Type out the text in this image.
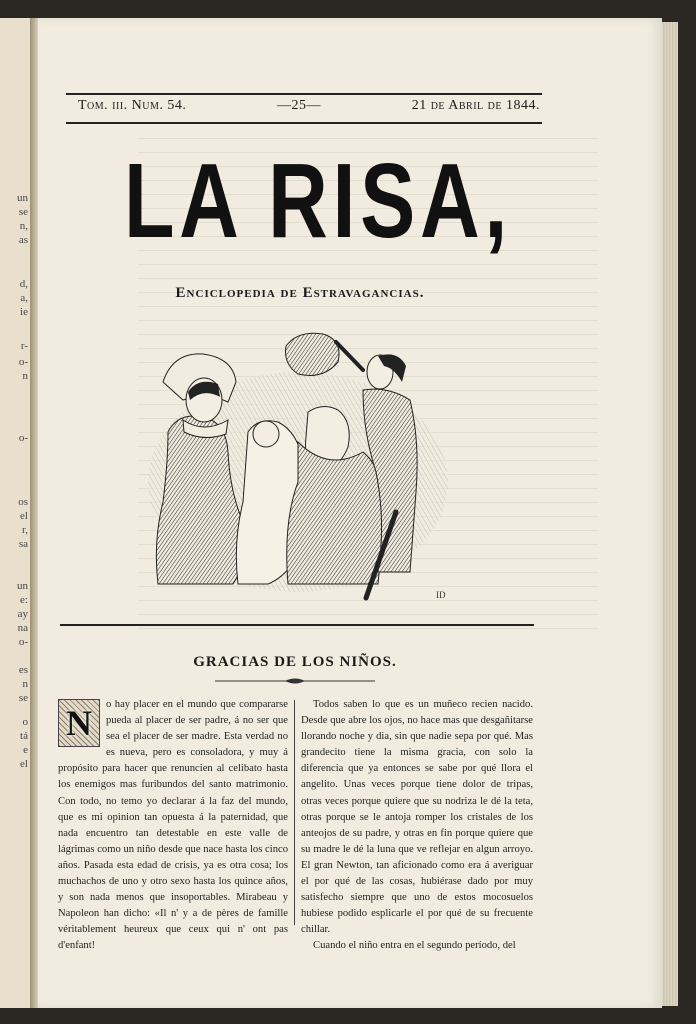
un
se
n,
as
d,
a,
ie
r-
o-
n
o-
os
el
r,
sa
un
e:
ay
na
o-
es
n
se
o
tá
e
el
Tom. iii. Num. 54.	—25—	21 de Abril de 1844.
LA RISA,
Enciclopedia de Estravagancias.
ID
GRACIAS DE LOS NIÑOS.

N	o hay placer en el mundo que compararse pueda al placer de ser padre, á no ser que sea el placer de ser madre. Esta verdad no es nueva, pero es consoladora, y muy á propósito para hacer que renuncien al celibato hasta los enemigos mas furibundos del santo matrimonio. Con todo, no temo yo declarar á la faz del mundo, que es mi opinion tan opuesta á la paternidad, que nada encuentro tan detestable en este valle de lágrimas como un niño desde que nace hasta los cinco años. Pasada esta edad de crisis, ya es otra cosa; los muchachos de uno y otro sexo hasta los quince años, y son nada menos que insoportables. Mirabeau y Napoleon han dicho: «Il n' y a de pères de famille véritablement heureux que ceux qui n' ont pas d'enfant!

Todos saben lo que es un muñeco recien nacido. Desde que abre los ojos, no hace mas que desgañitarse llorando noche y dia, sin que nadie sepa por qué. Mas grandecito tiene la misma gracia, con solo la diferencia que ya entonces se sabe por qué llora el angelito. Unas veces porque tiene dolor de tripas, otras veces porque quiere que su nodriza le dé la teta, otras porque se le antoja romper los cristales de los anteojos de su padre, y otras en fin porque quiere que su madre le dé la luna que ve reflejar en algun arroyo. El gran Newton, tan aficionado como era á averiguar el por qué de las cosas, hubiérase dado por muy satisfecho siempre que uno de estos mocosuelos hubiese podido esplicarle el por qué de su frecuente chillar.

Cuando el niño entra en el segundo período, del
